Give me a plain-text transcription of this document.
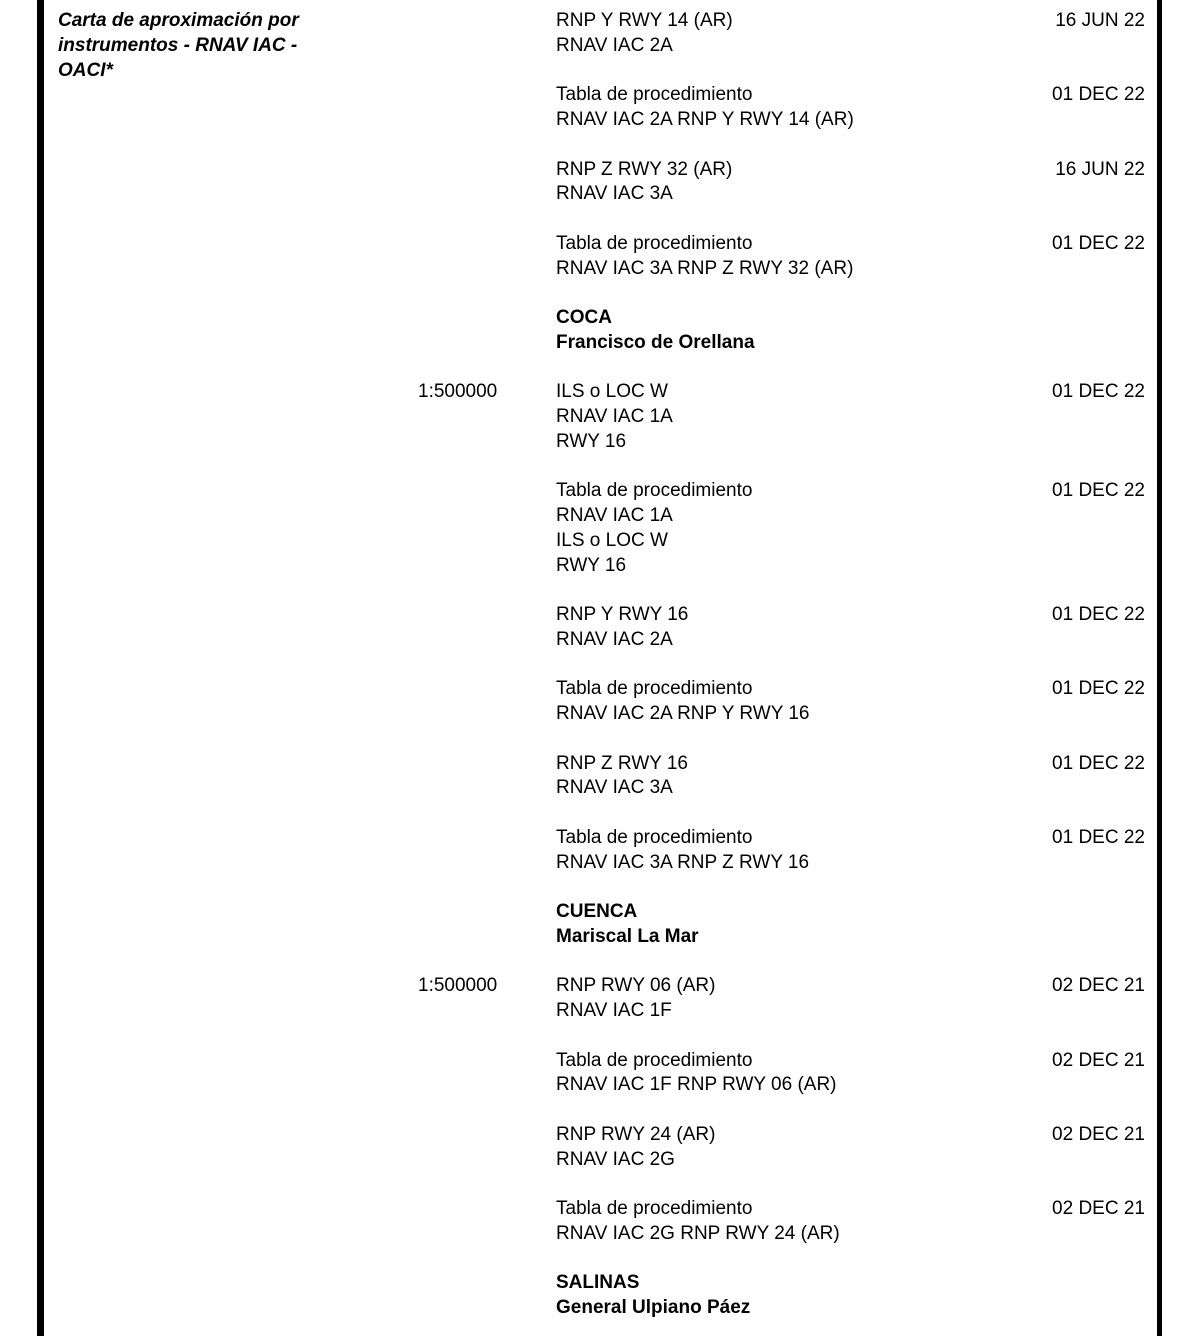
Carta de aproximación por
instrumentos - RNAV IAC -
OACI*
RNP Y RWY 14 (AR)
RNAV IAC 2A
16 JUN 22
Tabla de procedimiento
RNAV IAC 2A RNP Y RWY 14 (AR)
01 DEC 22
RNP Z RWY 32 (AR)
RNAV IAC 3A
16 JUN 22
Tabla de procedimiento
RNAV IAC 3A RNP Z RWY 32 (AR)
01 DEC 22
COCA
Francisco de Orellana
1:500000	ILS o LOC W
RNAV IAC 1A
RWY 16
01 DEC 22
Tabla de procedimiento
RNAV IAC 1A
ILS o LOC W
RWY 16
01 DEC 22
RNP Y RWY 16
RNAV IAC 2A
01 DEC 22
Tabla de procedimiento
RNAV IAC 2A RNP Y RWY 16
01 DEC 22
RNP Z RWY 16
RNAV IAC 3A
01 DEC 22
Tabla de procedimiento
RNAV IAC 3A RNP Z RWY 16
01 DEC 22
CUENCA
Mariscal La Mar
1:500000	RNP RWY 06 (AR)
RNAV IAC 1F
02 DEC 21
Tabla de procedimiento
RNAV IAC 1F RNP RWY 06 (AR)
02 DEC 21
RNP RWY 24 (AR)
RNAV IAC 2G
02 DEC 21
Tabla de procedimiento
RNAV IAC 2G RNP RWY 24 (AR)
02 DEC 21
SALINAS
General Ulpiano Páez
